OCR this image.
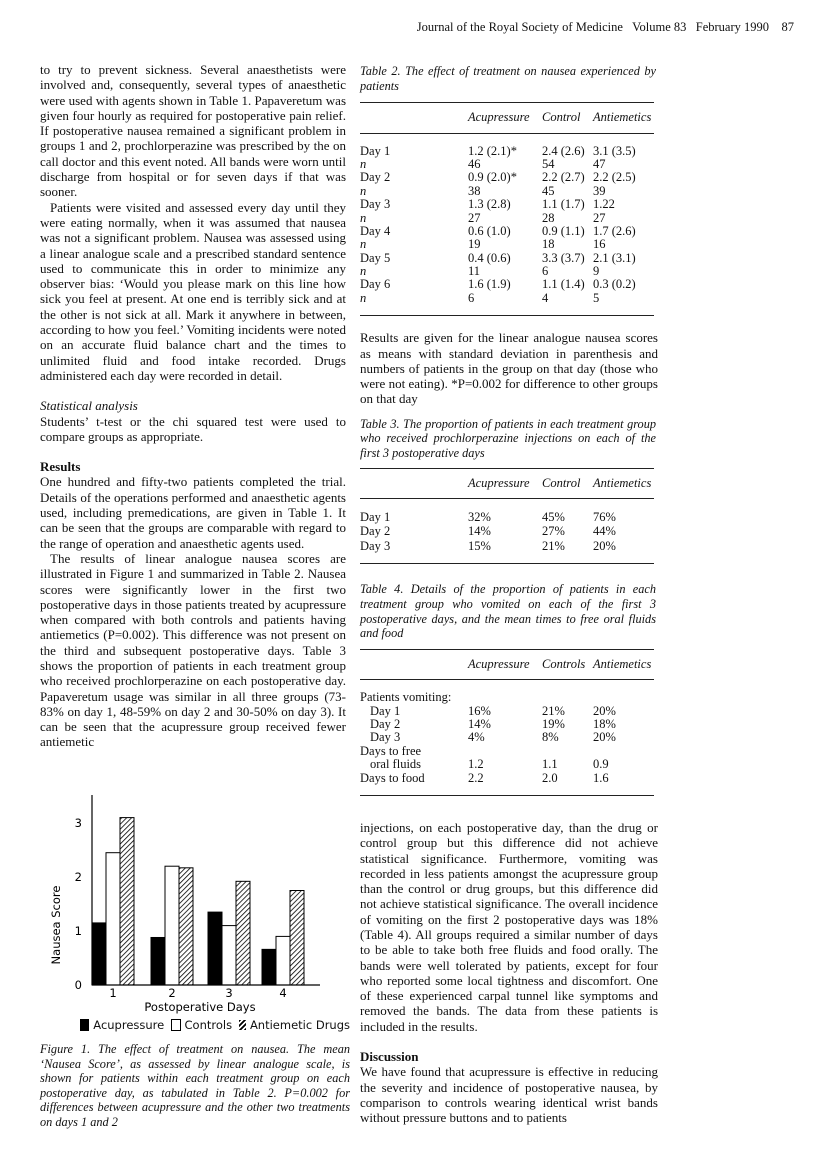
Journal of the Royal Society of Medicine Volume 83 February 1990 87

to try to prevent sickness. Several anaesthetists were involved and, consequently, several types of anaesthetic were used with agents shown in Table 1. Papaveretum was given four hourly as required for postoperative pain relief. If postoperative nausea remained a significant problem in groups 1 and 2, prochlorperazine was prescribed by the on call doctor and this event noted. All bands were worn until discharge from hospital or for seven days if that was sooner.

Patients were visited and assessed every day until they were eating normally, when it was assumed that nausea was not a significant problem. Nausea was assessed using a linear analogue scale and a prescribed standard sentence used to communicate this in order to minimize any observer bias: ‘Would you please mark on this line how sick you feel at present. At one end is terribly sick and at the other is not sick at all. Mark it anywhere in between, according to how you feel.’ Vomiting incidents were noted on an accurate fluid balance chart and the times to unlimited fluid and food intake recorded. Drugs administered each day were recorded in detail.

Statistical analysis

Students’ t-test or the chi squared test were used to compare groups as appropriate.

Results

One hundred and fifty-two patients completed the trial. Details of the operations performed and anaesthetic agents used, including premedications, are given in Table 1. It can be seen that the groups are comparable with regard to the range of operation and anaesthetic agents used.

The results of linear analogue nausea scores are illustrated in Figure 1 and summarized in Table 2. Nausea scores were significantly lower in the first two postoperative days in those patients treated by acupressure when compared with both controls and patients having antiemetics (P=0.002). This difference was not present on the third and subsequent postoperative days. Table 3 shows the proportion of patients in each treatment group who received prochlorperazine on each postoperative day. Papaveretum usage was similar in all three groups (73-83% on day 1, 48-59% on day 2 and 30-50% on day 3). It can be seen that the acupressure group received fewer antiemetic

0
1
2
3
1	2	3	4
Nausea Score
Postoperative Days
Acupressure Controls Antiemetic Drugs
Figure 1. The effect of treatment on nausea. The mean ‘Nausea Score’, as assessed by linear analogue scale, is shown for patients within each treatment group on each postoperative day, as tabulated in Table 2. P=0.002 for differences between acupressure and the other two treatments on days 1 and 2
Table 2. The effect of treatment on nausea experienced by patients
Acupressure Control Antiemetics
Day 1	1.2 (2.1)* 2.4 (2.6) 3.1 (3.5)
n	46	54	47
Day 2	0.9 (2.0)* 2.2 (2.7) 2.2 (2.5)
n	38	45	39
Day 3	1.3 (2.8)	1.1 (1.7) 1.22
n	27	28	27
Day 4	0.6 (1.0)	0.9 (1.1) 1.7 (2.6)
n	19	18	16
Day 5	0.4 (0.6)	3.3 (3.7) 2.1 (3.1)
n	11	6	9
Day 6	1.6 (1.9)	1.1 (1.4) 0.3 (0.2)
n	6	4	5
Results are given for the linear analogue nausea scores as means with standard deviation in parenthesis and numbers of patients in the group on that day (those who were not eating). *P=0.002 for difference to other groups on that day
Table 3. The proportion of patients in each treatment group who received prochlorperazine injections on each of the first 3 postoperative days
Acupressure Control Antiemetics
Day 1	32%	45% 76%
Day 2	14%	27% 44%
Day 3	15%	21% 20%
Table 4. Details of the proportion of patients in each treatment group who vomited on each of the first 3 postoperative days, and the mean times to free oral fluids and food
Acupressure Controls Antiemetics
Patients vomiting:
Day 1	16%	21% 20%
Day 2	14%	19% 18%
Day 3	4%	8%	20%
Days to free
oral fluids	1.2	1.1	0.9
Days to food	2.2	2.0	1.6

injections, on each postoperative day, than the drug or control group but this difference did not achieve statistical significance. Furthermore, vomiting was recorded in less patients amongst the acupressure group than the control or drug groups, but this difference did not achieve statistical significance. The overall incidence of vomiting on the first 2 postoperative days was 18% (Table 4). All groups required a similar number of days to be able to take both free fluids and food orally. The bands were well tolerated by patients, except for four who reported some local tightness and discomfort. One of these experienced carpal tunnel like symptoms and removed the bands. The data from these patients is included in the results.

Discussion

We have found that acupressure is effective in reducing the severity and incidence of postoperative nausea, by comparison to controls wearing identical wrist bands without pressure buttons and to patients
